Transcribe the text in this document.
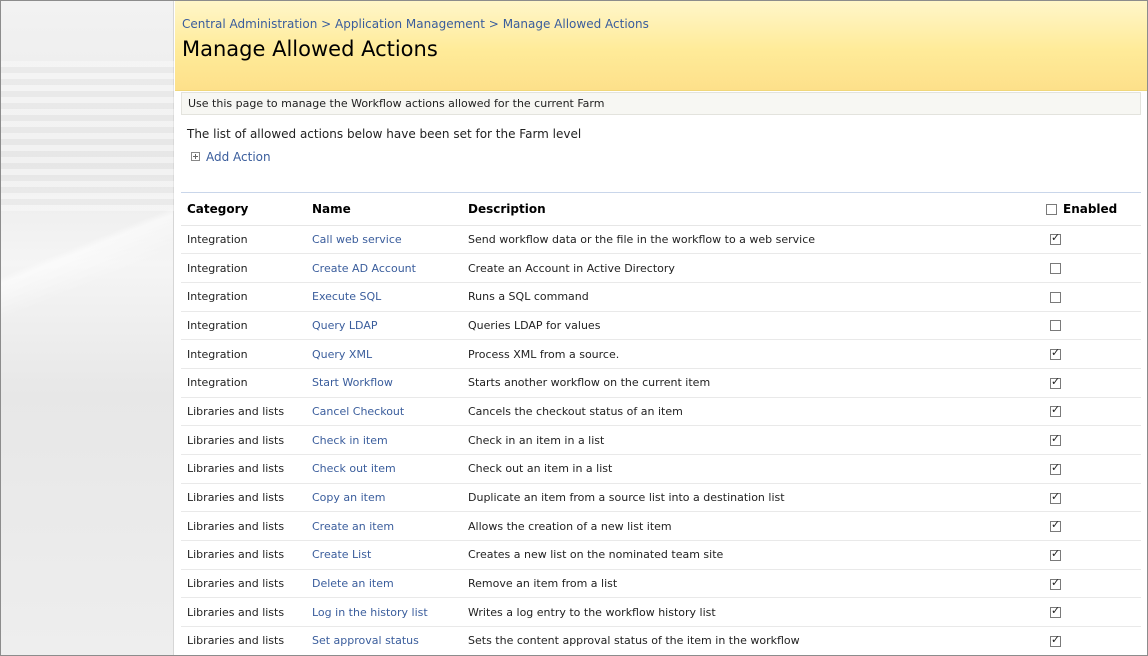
Central Administration > Application Management > Manage Allowed Actions
Manage Allowed Actions
Use this page to manage the Workflow actions allowed for the current Farm
The list of allowed actions below have been set for the Farm level
Add Action
Category	Name	Description	Enabled
Integration	Call web service	Send workflow data or the file in the workflow to a web service	✓
Integration	Create AD Account	Create an Account in Active Directory	
Integration	Execute SQL	Runs a SQL command	
Integration	Query LDAP	Queries LDAP for values	
Integration	Query XML	Process XML from a source.	✓
Integration	Start Workflow	Starts another workflow on the current item	✓
Libraries and lists	Cancel Checkout	Cancels the checkout status of an item	✓
Libraries and lists	Check in item	Check in an item in a list	✓
Libraries and lists	Check out item	Check out an item in a list	✓
Libraries and lists	Copy an item	Duplicate an item from a source list into a destination list	✓
Libraries and lists	Create an item	Allows the creation of a new list item	✓
Libraries and lists	Create List	Creates a new list on the nominated team site	✓
Libraries and lists	Delete an item	Remove an item from a list	✓
Libraries and lists	Log in the history list	Writes a log entry to the workflow history list	✓
Libraries and lists	Set approval status	Sets the content approval status of the item in the workflow	✓
